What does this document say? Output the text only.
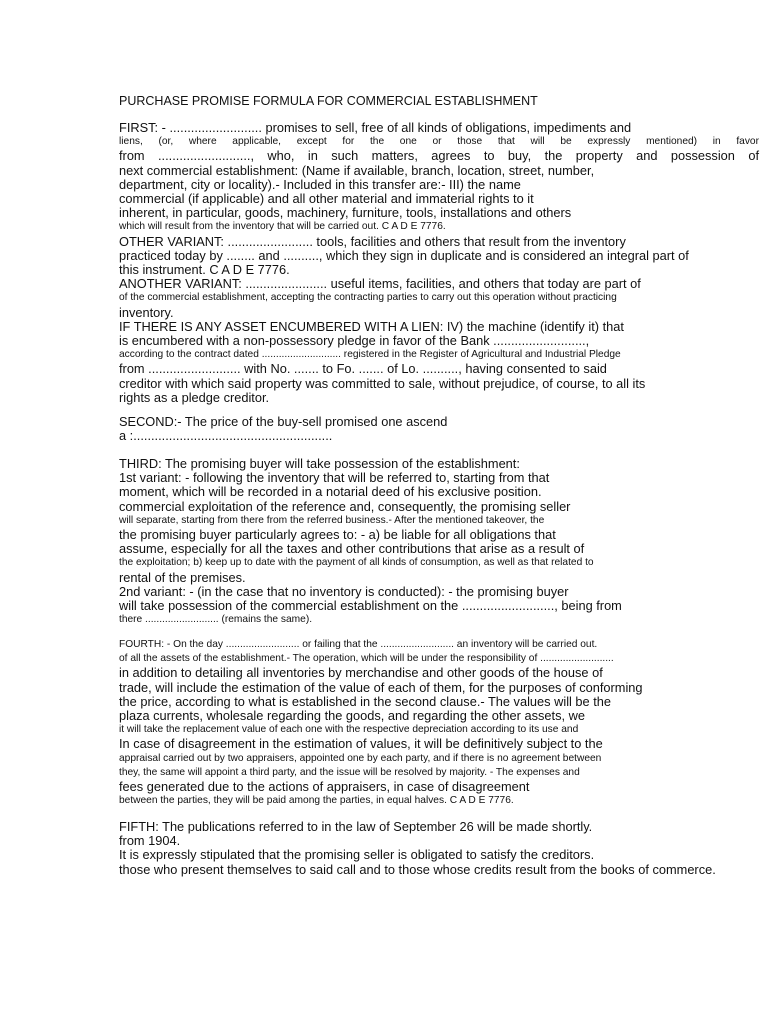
PURCHASE PROMISE FORMULA FOR COMMERCIAL ESTABLISHMENT
FIRST: - .......................... promises to sell, free of all kinds of obligations, impediments and
liens, (or, where applicable, except for the one or those that will be expressly mentioned) in favor
from .........................., who, in such matters, agrees to buy, the property and possession of
next commercial establishment: (Name if available, branch, location, street, number,
department, city or locality).- Included in this transfer are:- III) the name
commercial (if applicable) and all other material and immaterial rights to it
inherent, in particular, goods, machinery, furniture, tools, installations and others
which will result from the inventory that will be carried out. C A D E 7776.
OTHER VARIANT: ........................ tools, facilities and others that result from the inventory
practiced today by ........ and .........., which they sign in duplicate and is considered an integral part of
this instrument. C A D E 7776.
ANOTHER VARIANT: ....................... useful items, facilities, and others that today are part of
of the commercial establishment, accepting the contracting parties to carry out this operation without practicing
inventory.
IF THERE IS ANY ASSET ENCUMBERED WITH A LIEN: IV) the machine (identify it) that
is encumbered with a non-possessory pledge in favor of the Bank ..........................,
according to the contract dated ............................ registered in the Register of Agricultural and Industrial Pledge
from .......................... with No. ....... to Fo. ....... of Lo. .........., having consented to said
creditor with which said property was committed to sale, without prejudice, of course, to all its
rights as a pledge creditor.
SECOND:- The price of the buy-sell promised one ascend
a :........................................................
THIRD: The promising buyer will take possession of the establishment:
1st variant: - following the inventory that will be referred to, starting from that
moment, which will be recorded in a notarial deed of his exclusive position.
commercial exploitation of the reference and, consequently, the promising seller
will separate, starting from there from the referred business.- After the mentioned takeover, the
the promising buyer particularly agrees to: - a) be liable for all obligations that
assume, especially for all the taxes and other contributions that arise as a result of
the exploitation; b) keep up to date with the payment of all kinds of consumption, as well as that related to
rental of the premises.
2nd variant: - (in the case that no inventory is conducted): - the promising buyer
will take possession of the commercial establishment on the .........................., being from
there .......................... (remains the same).
FOURTH: - On the day .......................... or failing that the .......................... an inventory will be carried out.
of all the assets of the establishment.- The operation, which will be under the responsibility of ..........................
in addition to detailing all inventories by merchandise and other goods of the house of
trade, will include the estimation of the value of each of them, for the purposes of conforming
the price, according to what is established in the second clause.- The values will be the
plaza currents, wholesale regarding the goods, and regarding the other assets, we
it will take the replacement value of each one with the respective depreciation according to its use and
In case of disagreement in the estimation of values, it will be definitively subject to the
appraisal carried out by two appraisers, appointed one by each party, and if there is no agreement between
they, the same will appoint a third party, and the issue will be resolved by majority. - The expenses and
fees generated due to the actions of appraisers, in case of disagreement
between the parties, they will be paid among the parties, in equal halves. C A D E 7776.
FIFTH: The publications referred to in the law of September 26 will be made shortly.
from 1904.
It is expressly stipulated that the promising seller is obligated to satisfy the creditors.
those who present themselves to said call and to those whose credits result from the books of commerce.
